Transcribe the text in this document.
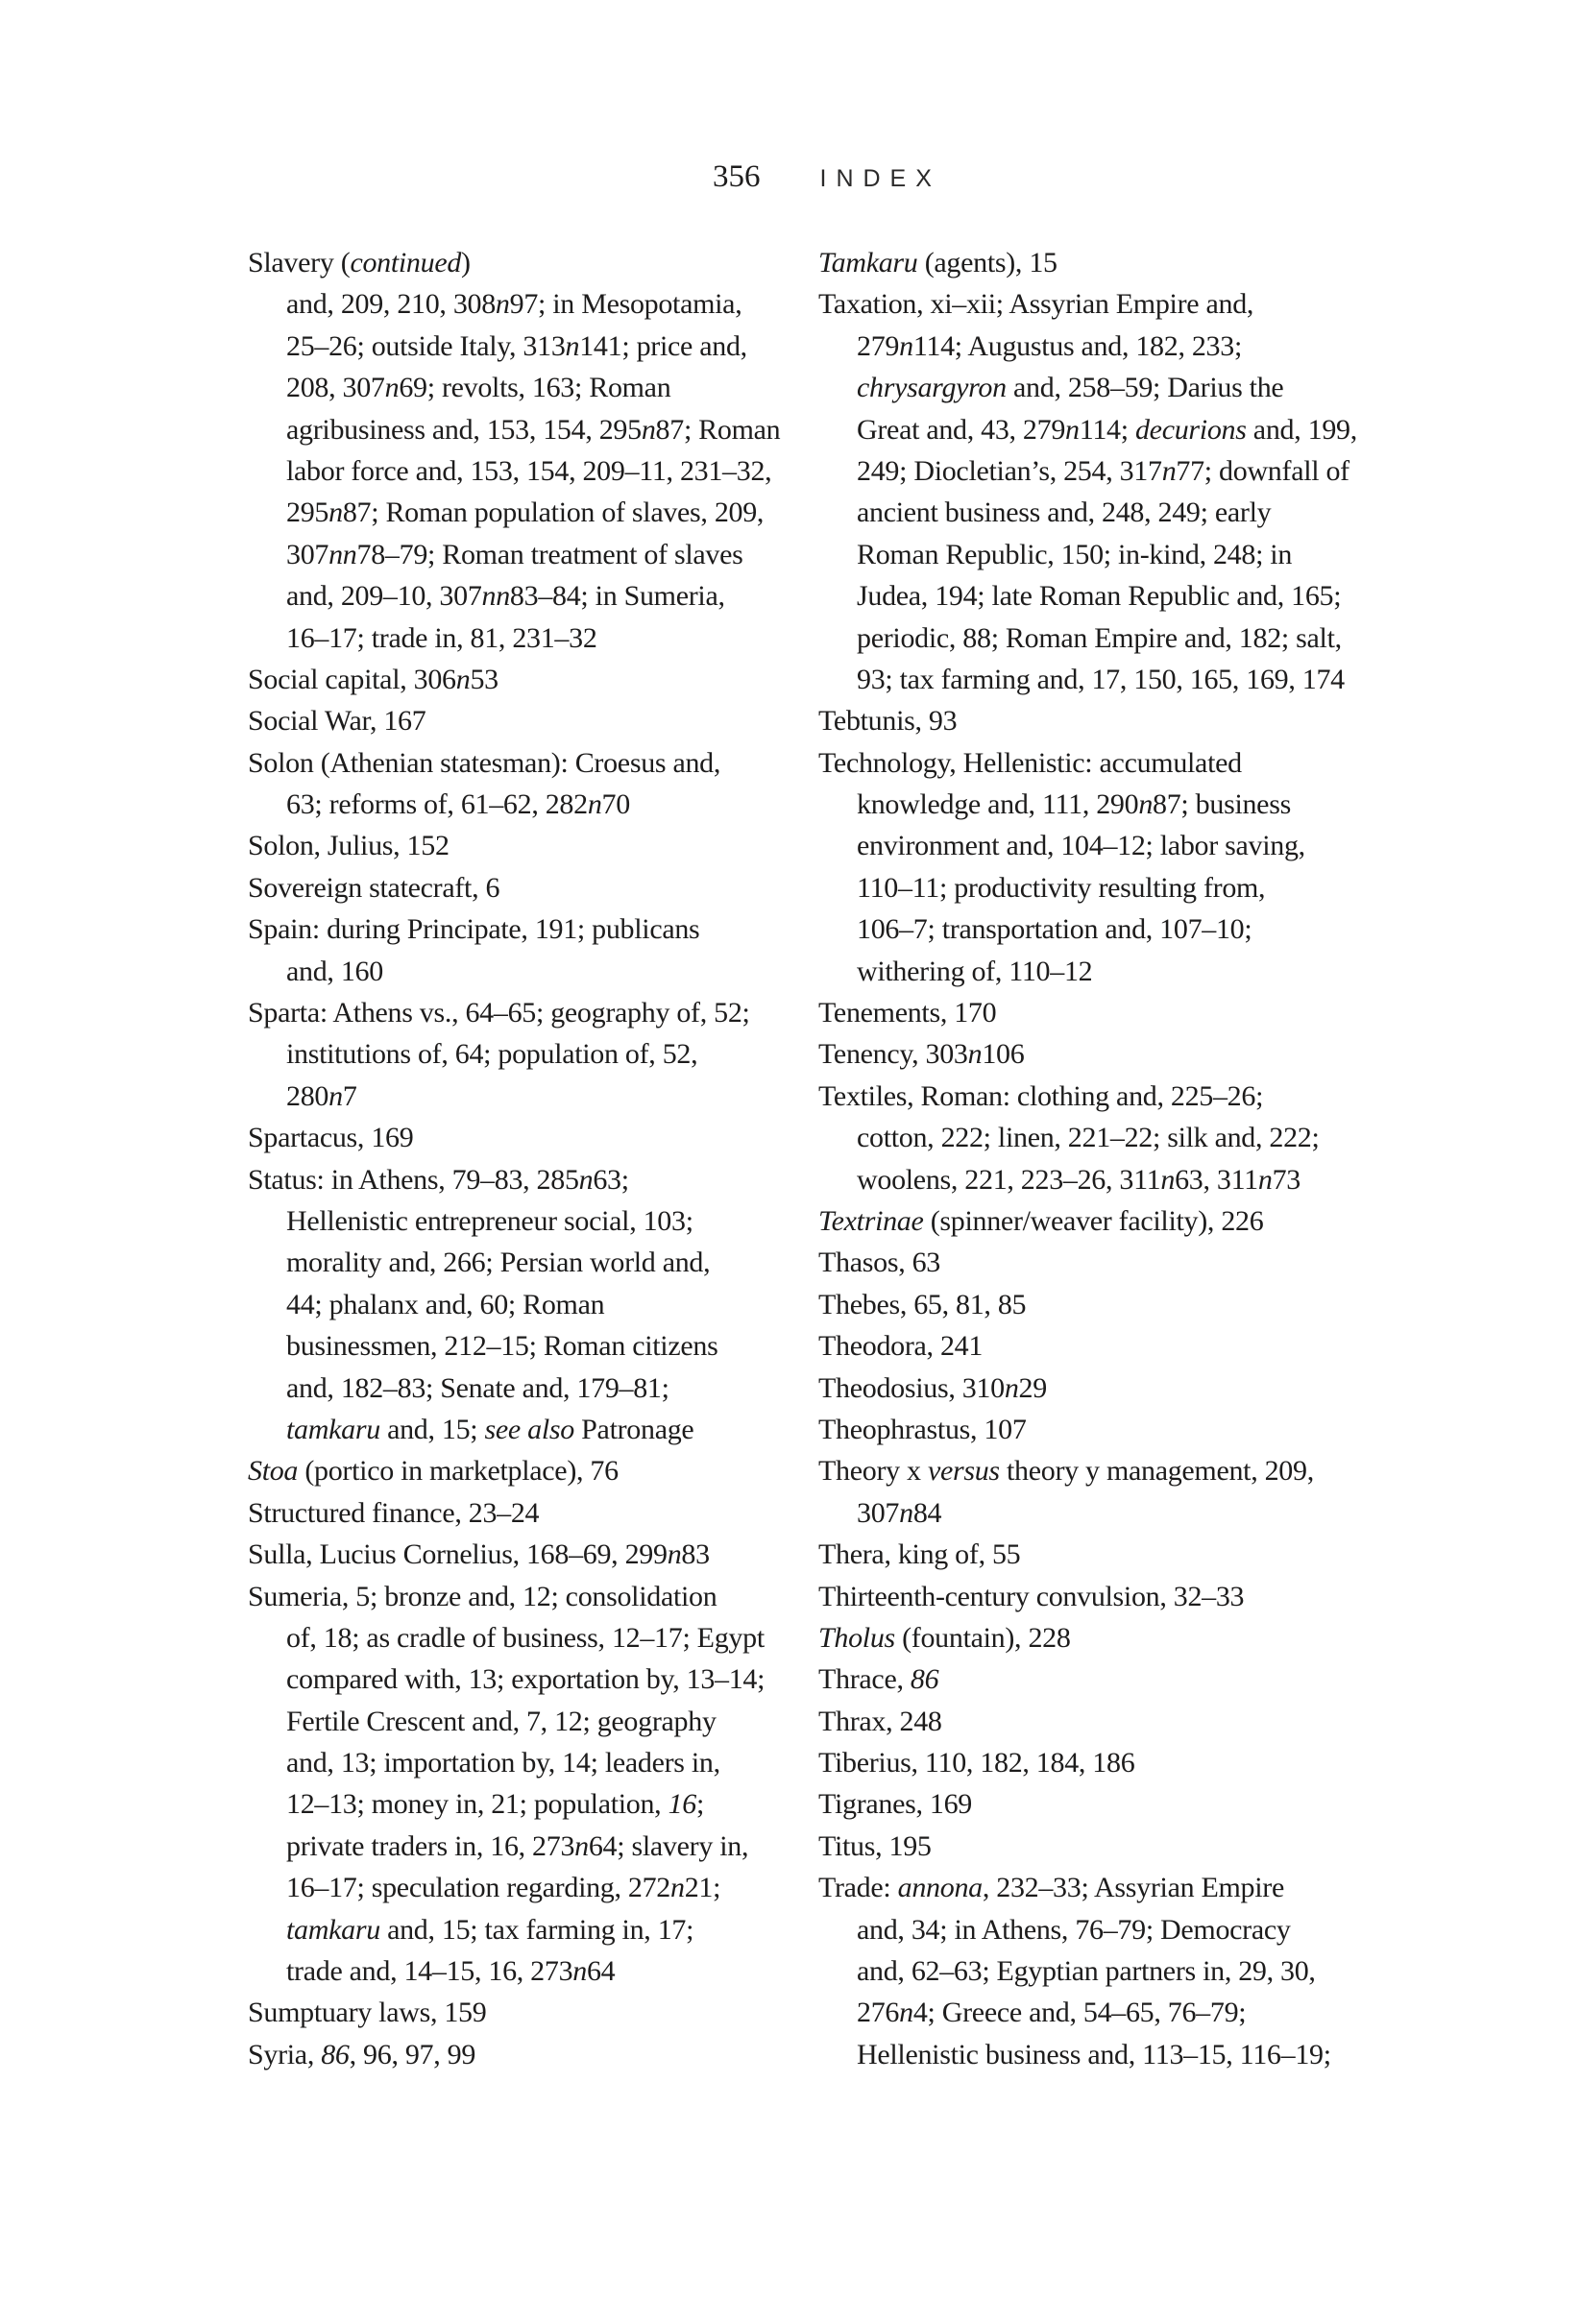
356 INDEX
Slavery (continued)
and, 209, 210, 308n97; in Mesopotamia,
25–26; outside Italy, 313n141; price and,
208, 307n69; revolts, 163; Roman
agribusiness and, 153, 154, 295n87; Roman
labor force and, 153, 154, 209–11, 231–32,
295n87; Roman population of slaves, 209,
307nn78–79; Roman treatment of slaves
and, 209–10, 307nn83–84; in Sumeria,
16–17; trade in, 81, 231–32
Social capital, 306n53
Social War, 167
Solon (Athenian statesman): Croesus and,
63; reforms of, 61–62, 282n70
Solon, Julius, 152
Sovereign statecraft, 6
Spain: during Principate, 191; publicans
and, 160
Sparta: Athens vs., 64–65; geography of, 52;
institutions of, 64; population of, 52,
280n7
Spartacus, 169
Status: in Athens, 79–83, 285n63;
Hellenistic entrepreneur social, 103;
morality and, 266; Persian world and,
44; phalanx and, 60; Roman
businessmen, 212–15; Roman citizens
and, 182–83; Senate and, 179–81;
tamkaru and, 15; see also Patronage
Stoa (portico in marketplace), 76
Structured finance, 23–24
Sulla, Lucius Cornelius, 168–69, 299n83
Sumeria, 5; bronze and, 12; consolidation
of, 18; as cradle of business, 12–17; Egypt
compared with, 13; exportation by, 13–14;
Fertile Crescent and, 7, 12; geography
and, 13; importation by, 14; leaders in,
12–13; money in, 21; population, 16;
private traders in, 16, 273n64; slavery in,
16–17; speculation regarding, 272n21;
tamkaru and, 15; tax farming in, 17;
trade and, 14–15, 16, 273n64
Sumptuary laws, 159
Syria, 86, 96, 97, 99
Tamkaru (agents), 15
Taxation, xi–xii; Assyrian Empire and,
279n114; Augustus and, 182, 233;
chrysargyron and, 258–59; Darius the
Great and, 43, 279n114; decurions and, 199,
249; Diocletian’s, 254, 317n77; downfall of
ancient business and, 248, 249; early
Roman Republic, 150; in-kind, 248; in
Judea, 194; late Roman Republic and, 165;
periodic, 88; Roman Empire and, 182; salt,
93; tax farming and, 17, 150, 165, 169, 174
Tebtunis, 93
Technology, Hellenistic: accumulated
knowledge and, 111, 290n87; business
environment and, 104–12; labor saving,
110–11; productivity resulting from,
106–7; transportation and, 107–10;
withering of, 110–12
Tenements, 170
Tenency, 303n106
Textiles, Roman: clothing and, 225–26;
cotton, 222; linen, 221–22; silk and, 222;
woolens, 221, 223–26, 311n63, 311n73
Textrinae (spinner/weaver facility), 226
Thasos, 63
Thebes, 65, 81, 85
Theodora, 241
Theodosius, 310n29
Theophrastus, 107
Theory x versus theory y management, 209,
307n84
Thera, king of, 55
Thirteenth-century convulsion, 32–33
Tholus (fountain), 228
Thrace, 86
Thrax, 248
Tiberius, 110, 182, 184, 186
Tigranes, 169
Titus, 195
Trade: annona, 232–33; Assyrian Empire
and, 34; in Athens, 76–79; Democracy
and, 62–63; Egyptian partners in, 29, 30,
276n4; Greece and, 54–65, 76–79;
Hellenistic business and, 113–15, 116–19;
